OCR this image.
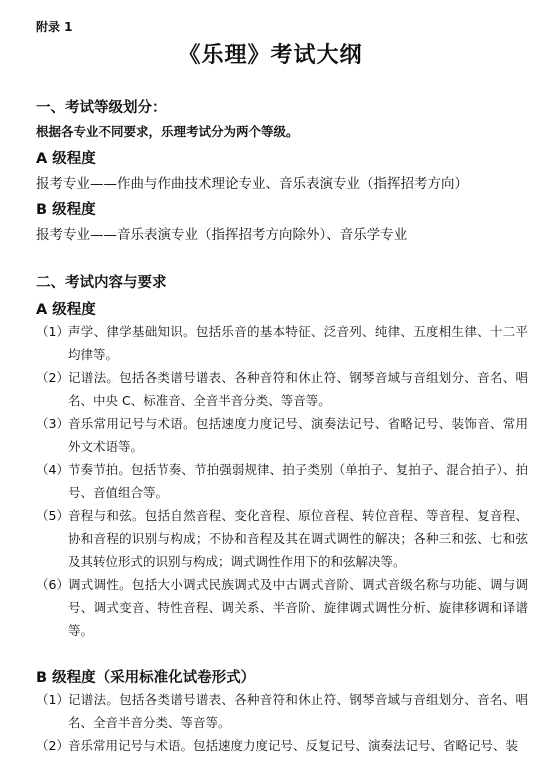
附录 1
《乐理》考试大纲
一、考试等级划分：
根据各专业不同要求，乐理考试分为两个等级。
A 级程度
报考专业——作曲与作曲技术理论专业、音乐表演专业（指挥招考方向）
B 级程度
报考专业——音乐表演专业（指挥招考方向除外）、音乐学专业
二、考试内容与要求
A 级程度
（1） 声学、律学基础知识。包括乐音的基本特征、泛音列、纯律、五度相生律、十二平均律等。
（2） 记谱法。包括各类谱号谱表、各种音符和休止符、钢琴音域与音组划分、音名、唱名、中央 C、标准音、全音半音分类、等音等。
（3） 音乐常用记号与术语。包括速度力度记号、演奏法记号、省略记号、装饰音、常用外文术语等。
（4） 节奏节拍。包括节奏、节拍强弱规律、拍子类别（单拍子、复拍子、混合拍子）、拍号、音值组合等。
（5） 音程与和弦。包括自然音程、变化音程、原位音程、转位音程、等音程、复音程、协和音程的识别与构成；不协和音程及其在调式调性的解决；各种三和弦、七和弦及其转位形式的识别与构成；调式调性作用下的和弦解决等。
（6） 调式调性。包括大小调式民族调式及中古调式音阶、调式音级名称与功能、调与调号、调式变音、特性音程、调关系、半音阶、旋律调式调性分析、旋律移调和译谱等。
B 级程度（采用标准化试卷形式）
（1） 记谱法。包括各类谱号谱表、各种音符和休止符、钢琴音域与音组划分、音名、唱名、全音半音分类、等音等。
（2） 音乐常用记号与术语。包括速度力度记号、反复记号、演奏法记号、省略记号、装
